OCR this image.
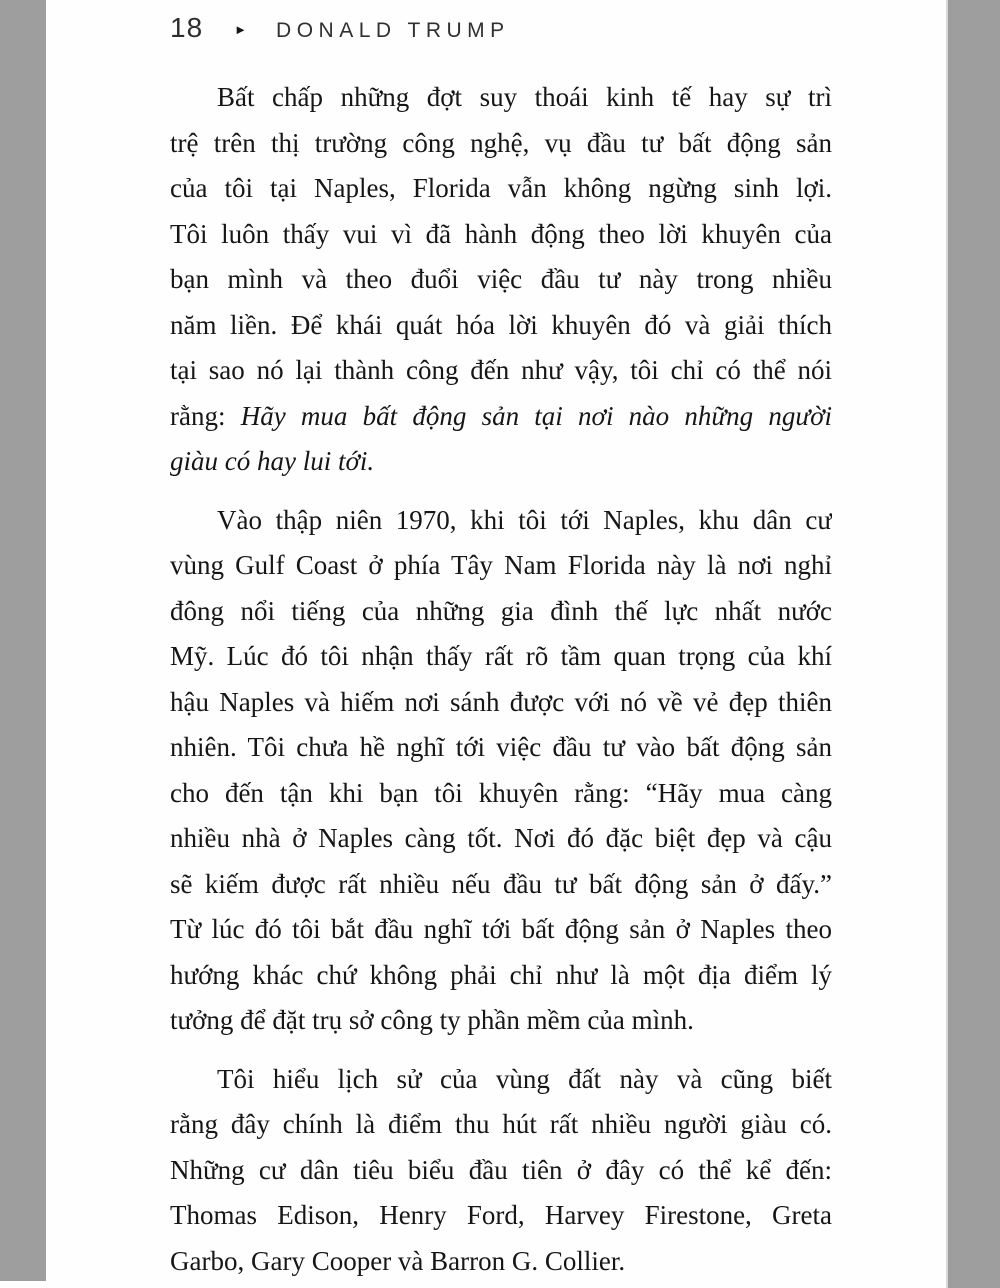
18 ► DONALD TRUMP
Bất chấp những đợt suy thoái kinh tế hay sự trì
trệ trên thị trường công nghệ, vụ đầu tư bất động sản
của tôi tại Naples, Florida vẫn không ngừng sinh lợi.
Tôi luôn thấy vui vì đã hành động theo lời khuyên của
bạn mình và theo đuổi việc đầu tư này trong nhiều
năm liền. Để khái quát hóa lời khuyên đó và giải thích
tại sao nó lại thành công đến như vậy, tôi chỉ có thể nói
rằng: Hãy mua bất động sản tại nơi nào những người
giàu có hay lui tới.
Vào thập niên 1970, khi tôi tới Naples, khu dân cư
vùng Gulf Coast ở phía Tây Nam Florida này là nơi nghỉ
đông nổi tiếng của những gia đình thế lực nhất nước
Mỹ. Lúc đó tôi nhận thấy rất rõ tầm quan trọng của khí
hậu Naples và hiếm nơi sánh được với nó về vẻ đẹp thiên
nhiên. Tôi chưa hề nghĩ tới việc đầu tư vào bất động sản
cho đến tận khi bạn tôi khuyên rằng: “Hãy mua càng
nhiều nhà ở Naples càng tốt. Nơi đó đặc biệt đẹp và cậu
sẽ kiếm được rất nhiều nếu đầu tư bất động sản ở đấy.”
Từ lúc đó tôi bắt đầu nghĩ tới bất động sản ở Naples theo
hướng khác chứ không phải chỉ như là một địa điểm lý
tưởng để đặt trụ sở công ty phần mềm của mình.
Tôi hiểu lịch sử của vùng đất này và cũng biết
rằng đây chính là điểm thu hút rất nhiều người giàu có.
Những cư dân tiêu biểu đầu tiên ở đây có thể kể đến:
Thomas Edison, Henry Ford, Harvey Firestone, Greta
Garbo, Gary Cooper và Barron G. Collier.
